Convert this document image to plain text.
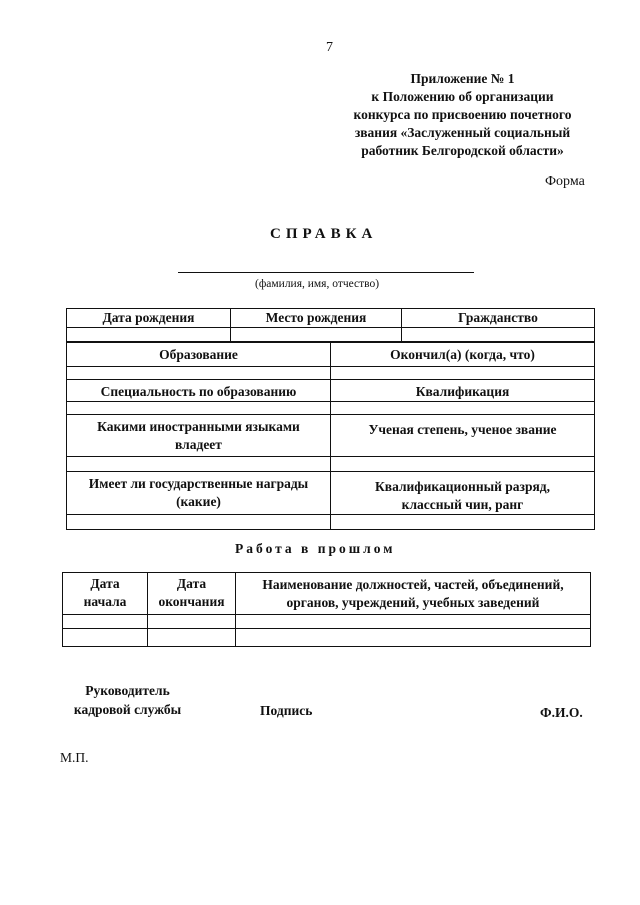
7
Приложение № 1
к Положению об организации
конкурса по присвоению почетного
звания «Заслуженный социальный
работник Белгородской области»
Форма
СПРАВКА
(фамилия, имя, отчество)
Дата рождения	Место рождения	Гражданство

Образование	Окончил(а) (когда, что)

Специальность по образованию	Квалификация

Какими иностранными языками владеет	Ученая степень, ученое звание

Имеет ли государственные награды (какие)	Квалификационный разряд, классный чин, ранг

Работа в прошлом
Дата начала	Дата окончания	Наименование должностей, частей, объединений, органов, учреждений, учебных заведений

Руководитель кадровой службы	Подпись	Ф.И.О.
М.П.
